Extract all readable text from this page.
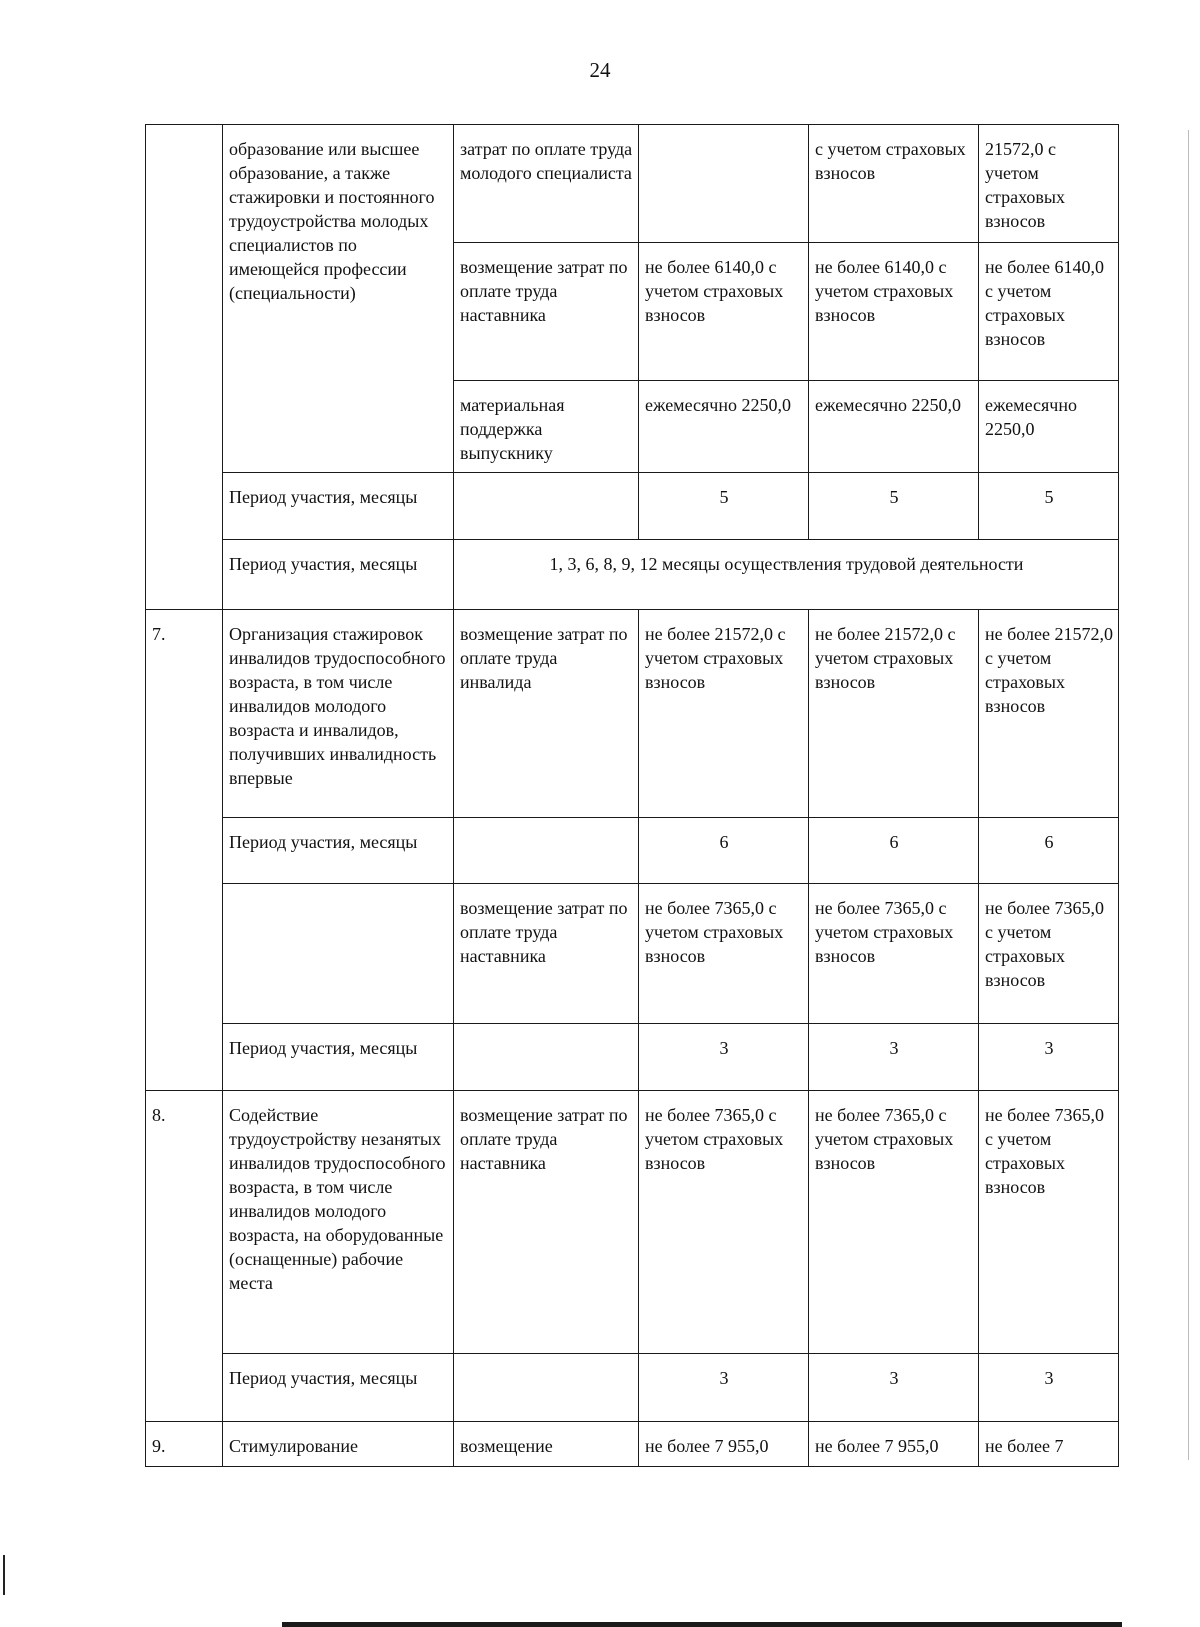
24
	образование или высшее образование, а также стажировки и постоянного трудоустройства молодых специалистов по имеющейся профессии (специальности)	затрат по оплате труда молодого специалиста		с учетом страховых взносов	21572,0 с учетом страховых взносов
		возмещение затрат по оплате труда наставника	не более 6140,0 с учетом страховых взносов	не более 6140,0 с учетом страховых взносов	не более 6140,0 с учетом страховых взносов
		материальная поддержка выпускнику	ежемесячно 2250,0	ежемесячно 2250,0	ежемесячно 2250,0
	Период участия, месяцы		5	5	5
	Период участия, месяцы	1, 3, 6, 8, 9, 12 месяцы осуществления трудовой деятельности			
7.	Организация стажировок инвалидов трудоспособного возраста, в том числе инвалидов молодого возраста и инвалидов, получивших инвалидность впервые	возмещение затрат по оплате труда инвалида	не более 21572,0 с учетом страховых взносов	не более 21572,0 с учетом страховых взносов	не более 21572,0 с учетом страховых взносов
	Период участия, месяцы		6	6	6
		возмещение затрат по оплате труда наставника	не более 7365,0 с учетом страховых взносов	не более 7365,0 с учетом страховых взносов	не более 7365,0 с учетом страховых взносов
	Период участия, месяцы		3	3	3
8.	Содействие трудоустройству незанятых инвалидов трудоспособного возраста, в том числе инвалидов молодого возраста, на оборудованные (оснащенные) рабочие места	возмещение затрат по оплате труда наставника	не более 7365,0 с учетом страховых взносов	не более 7365,0 с учетом страховых взносов	не более 7365,0 с учетом страховых взносов
	Период участия, месяцы		3	3	3
9.	Стимулирование	возмещение	не более 7 955,0	не более 7 955,0	не более 7
